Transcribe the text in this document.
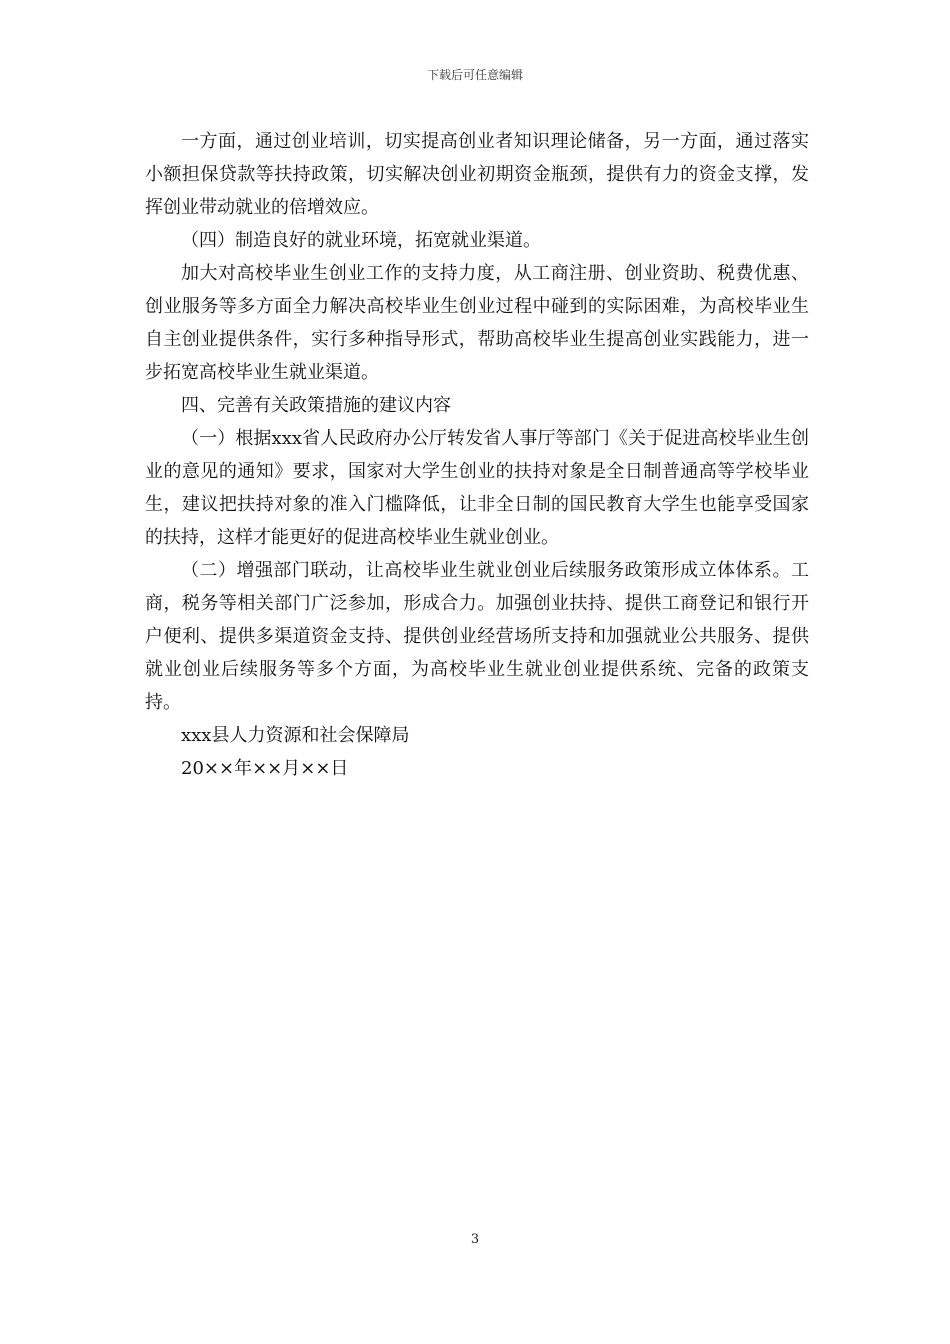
下载后可任意编辑

一方面，通过创业培训，切实提高创业者知识理论储备，另一方面，通过落实小额担保贷款等扶持政策，切实解决创业初期资金瓶颈，提供有力的资金支撑，发挥创业带动就业的倍增效应。

（四）制造良好的就业环境，拓宽就业渠道。

加大对高校毕业生创业工作的支持力度，从工商注册、创业资助、税费优惠、创业服务等多方面全力解决高校毕业生创业过程中碰到的实际困难，为高校毕业生自主创业提供条件，实行多种指导形式，帮助高校毕业生提高创业实践能力，进一步拓宽高校毕业生就业渠道。

四、完善有关政策措施的建议内容

（一）根据xxx省人民政府办公厅转发省人事厅等部门《关于促进高校毕业生创业的意见的通知》要求，国家对大学生创业的扶持对象是全日制普通高等学校毕业生，建议把扶持对象的准入门槛降低，让非全日制的国民教育大学生也能享受国家的扶持，这样才能更好的促进高校毕业生就业创业。

（二）增强部门联动，让高校毕业生就业创业后续服务政策形成立体体系。工商，税务等相关部门广泛参加，形成合力。加强创业扶持、提供工商登记和银行开户便利、提供多渠道资金支持、提供创业经营场所支持和加强就业公共服务、提供就业创业后续服务等多个方面，为高校毕业生就业创业提供系统、完备的政策支持。

xxx县人力资源和社会保障局

20××年××月××日

3
